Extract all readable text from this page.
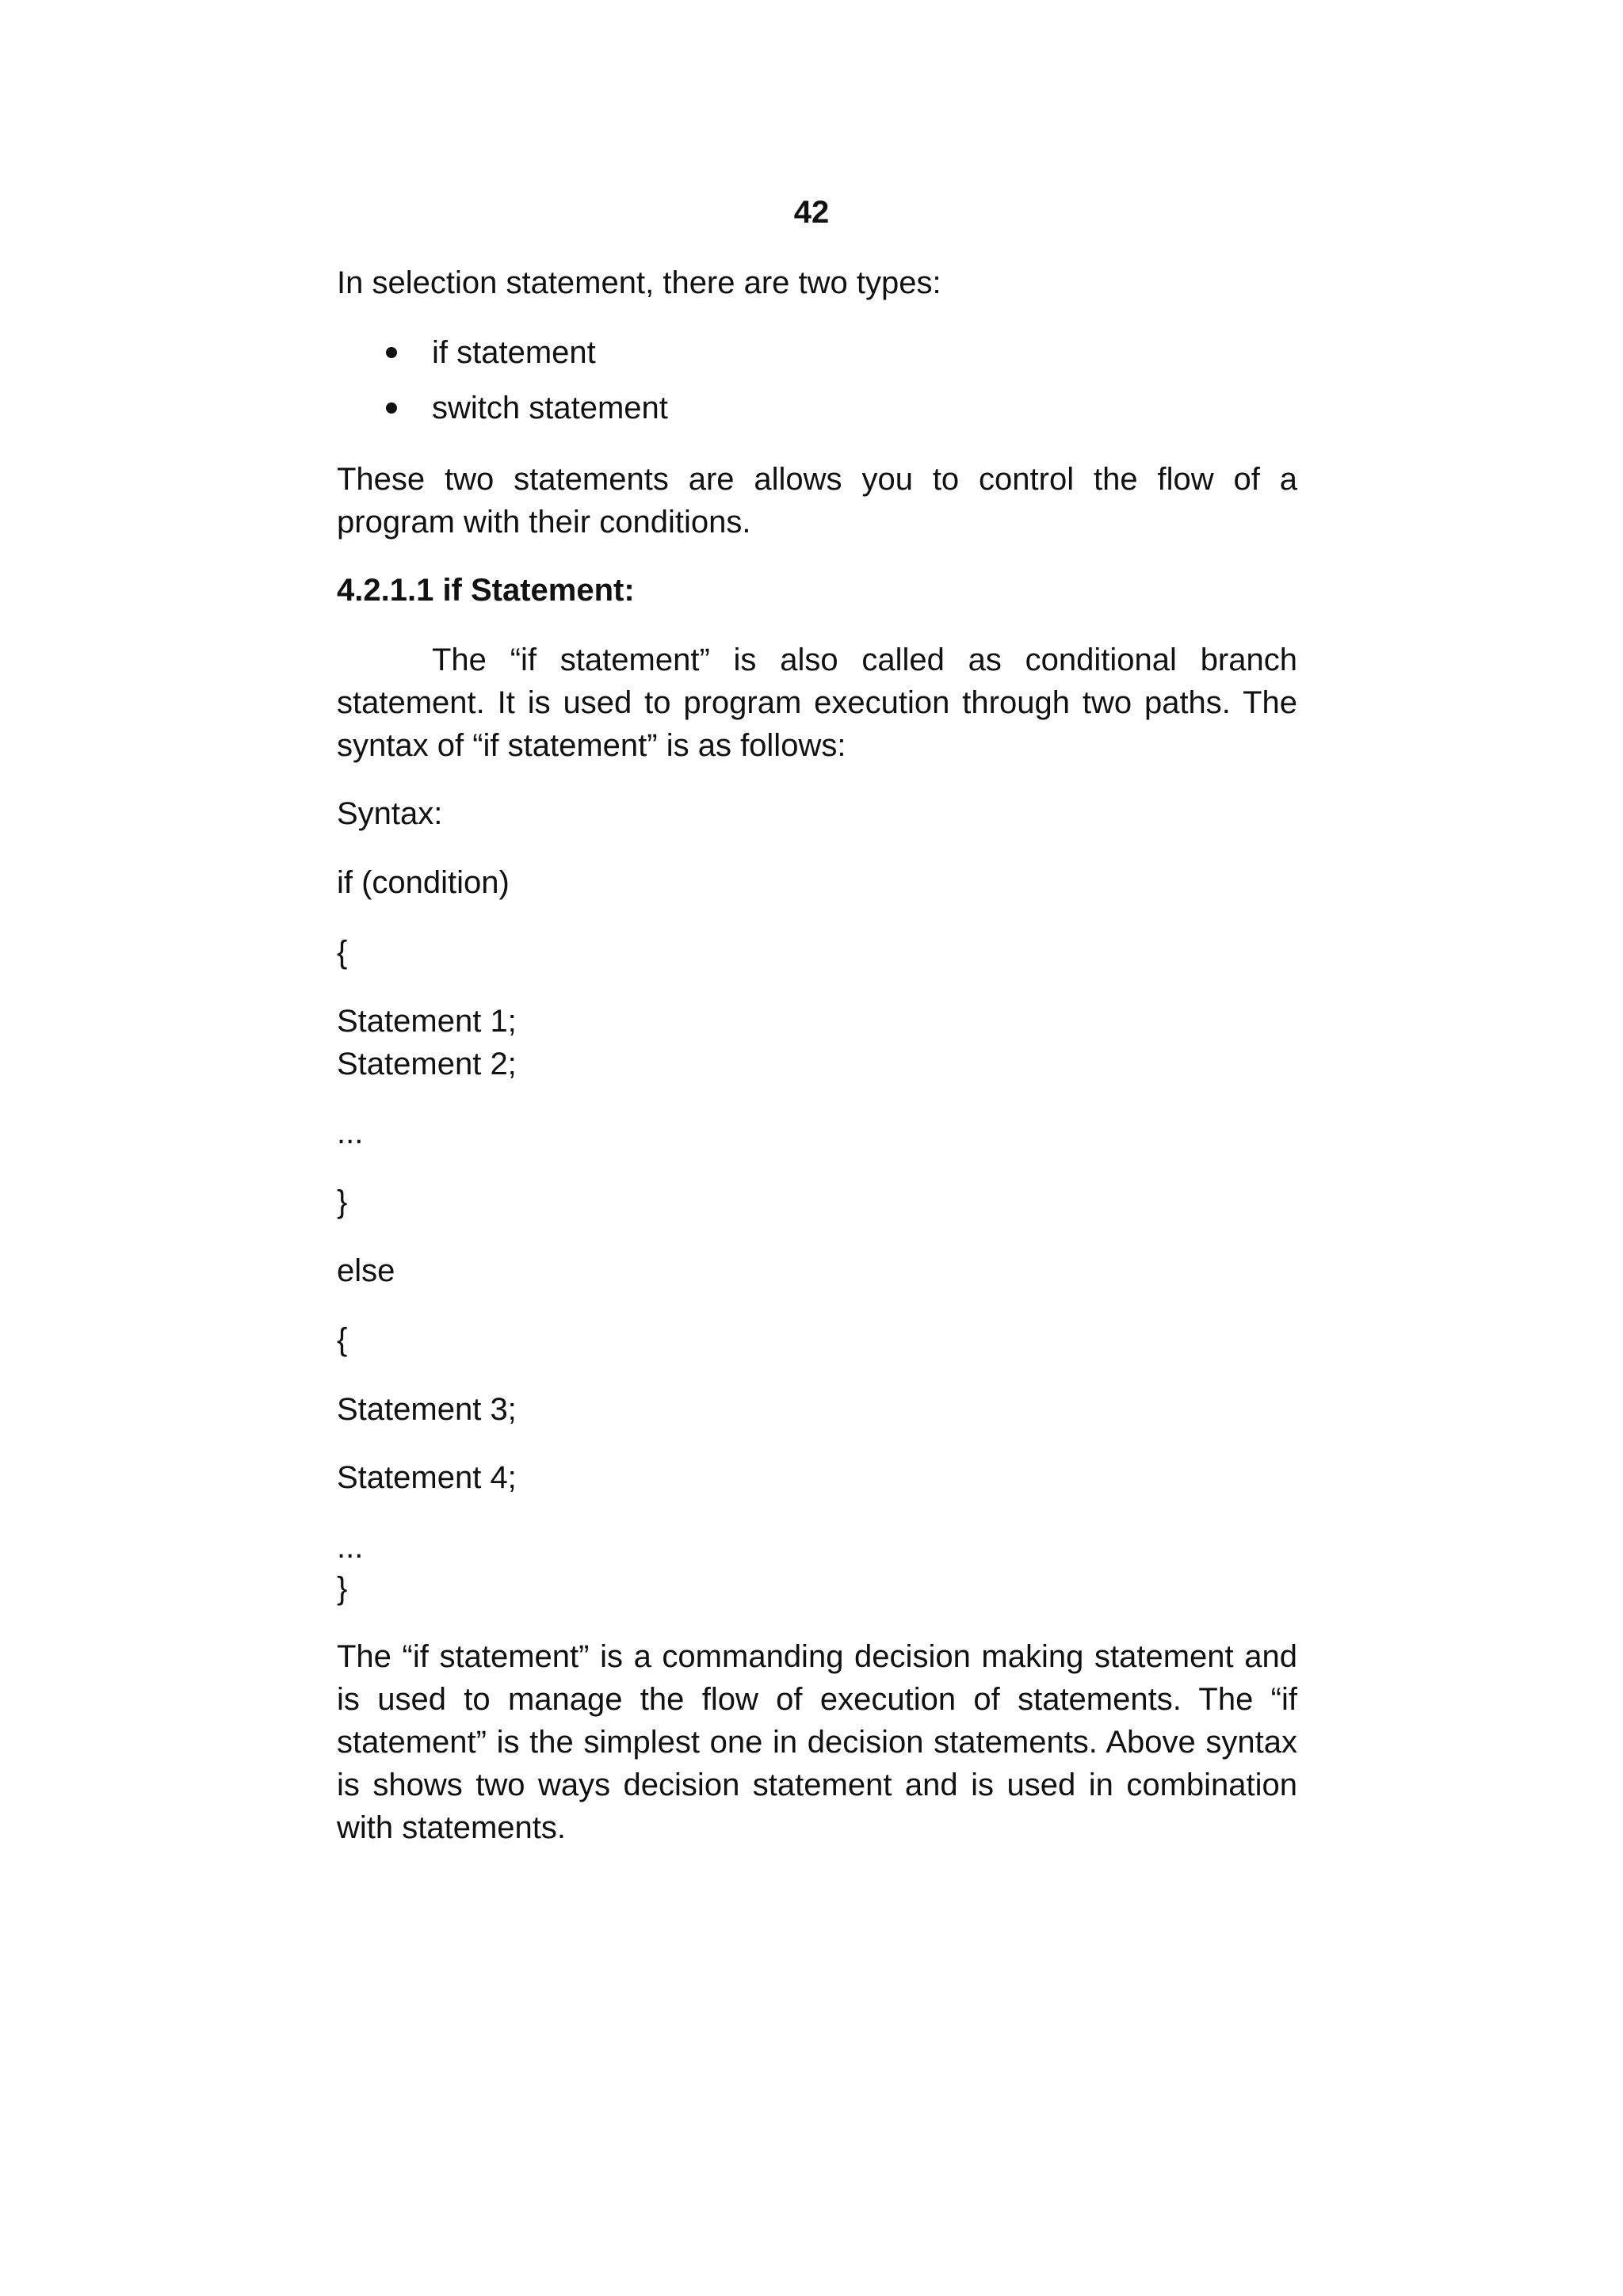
42

In selection statement, there are two types:

if statement
switch statement

These two statements are allows you to control the flow of a program with their conditions.

4.2.1.1 if Statement:

The “if statement” is also called as conditional branch statement. It is used to program execution through two paths. The syntax of “if statement” is as follows:

Syntax:

if (condition)

{

Statement 1;

Statement 2;

...

}

else

{

Statement 3;

Statement 4;

...

}

The “if statement” is a commanding decision making statement and is used to manage the flow of execution of statements. The “if statement” is the simplest one in decision statements. Above syntax is shows two ways decision statement and is used in combination with statements.
